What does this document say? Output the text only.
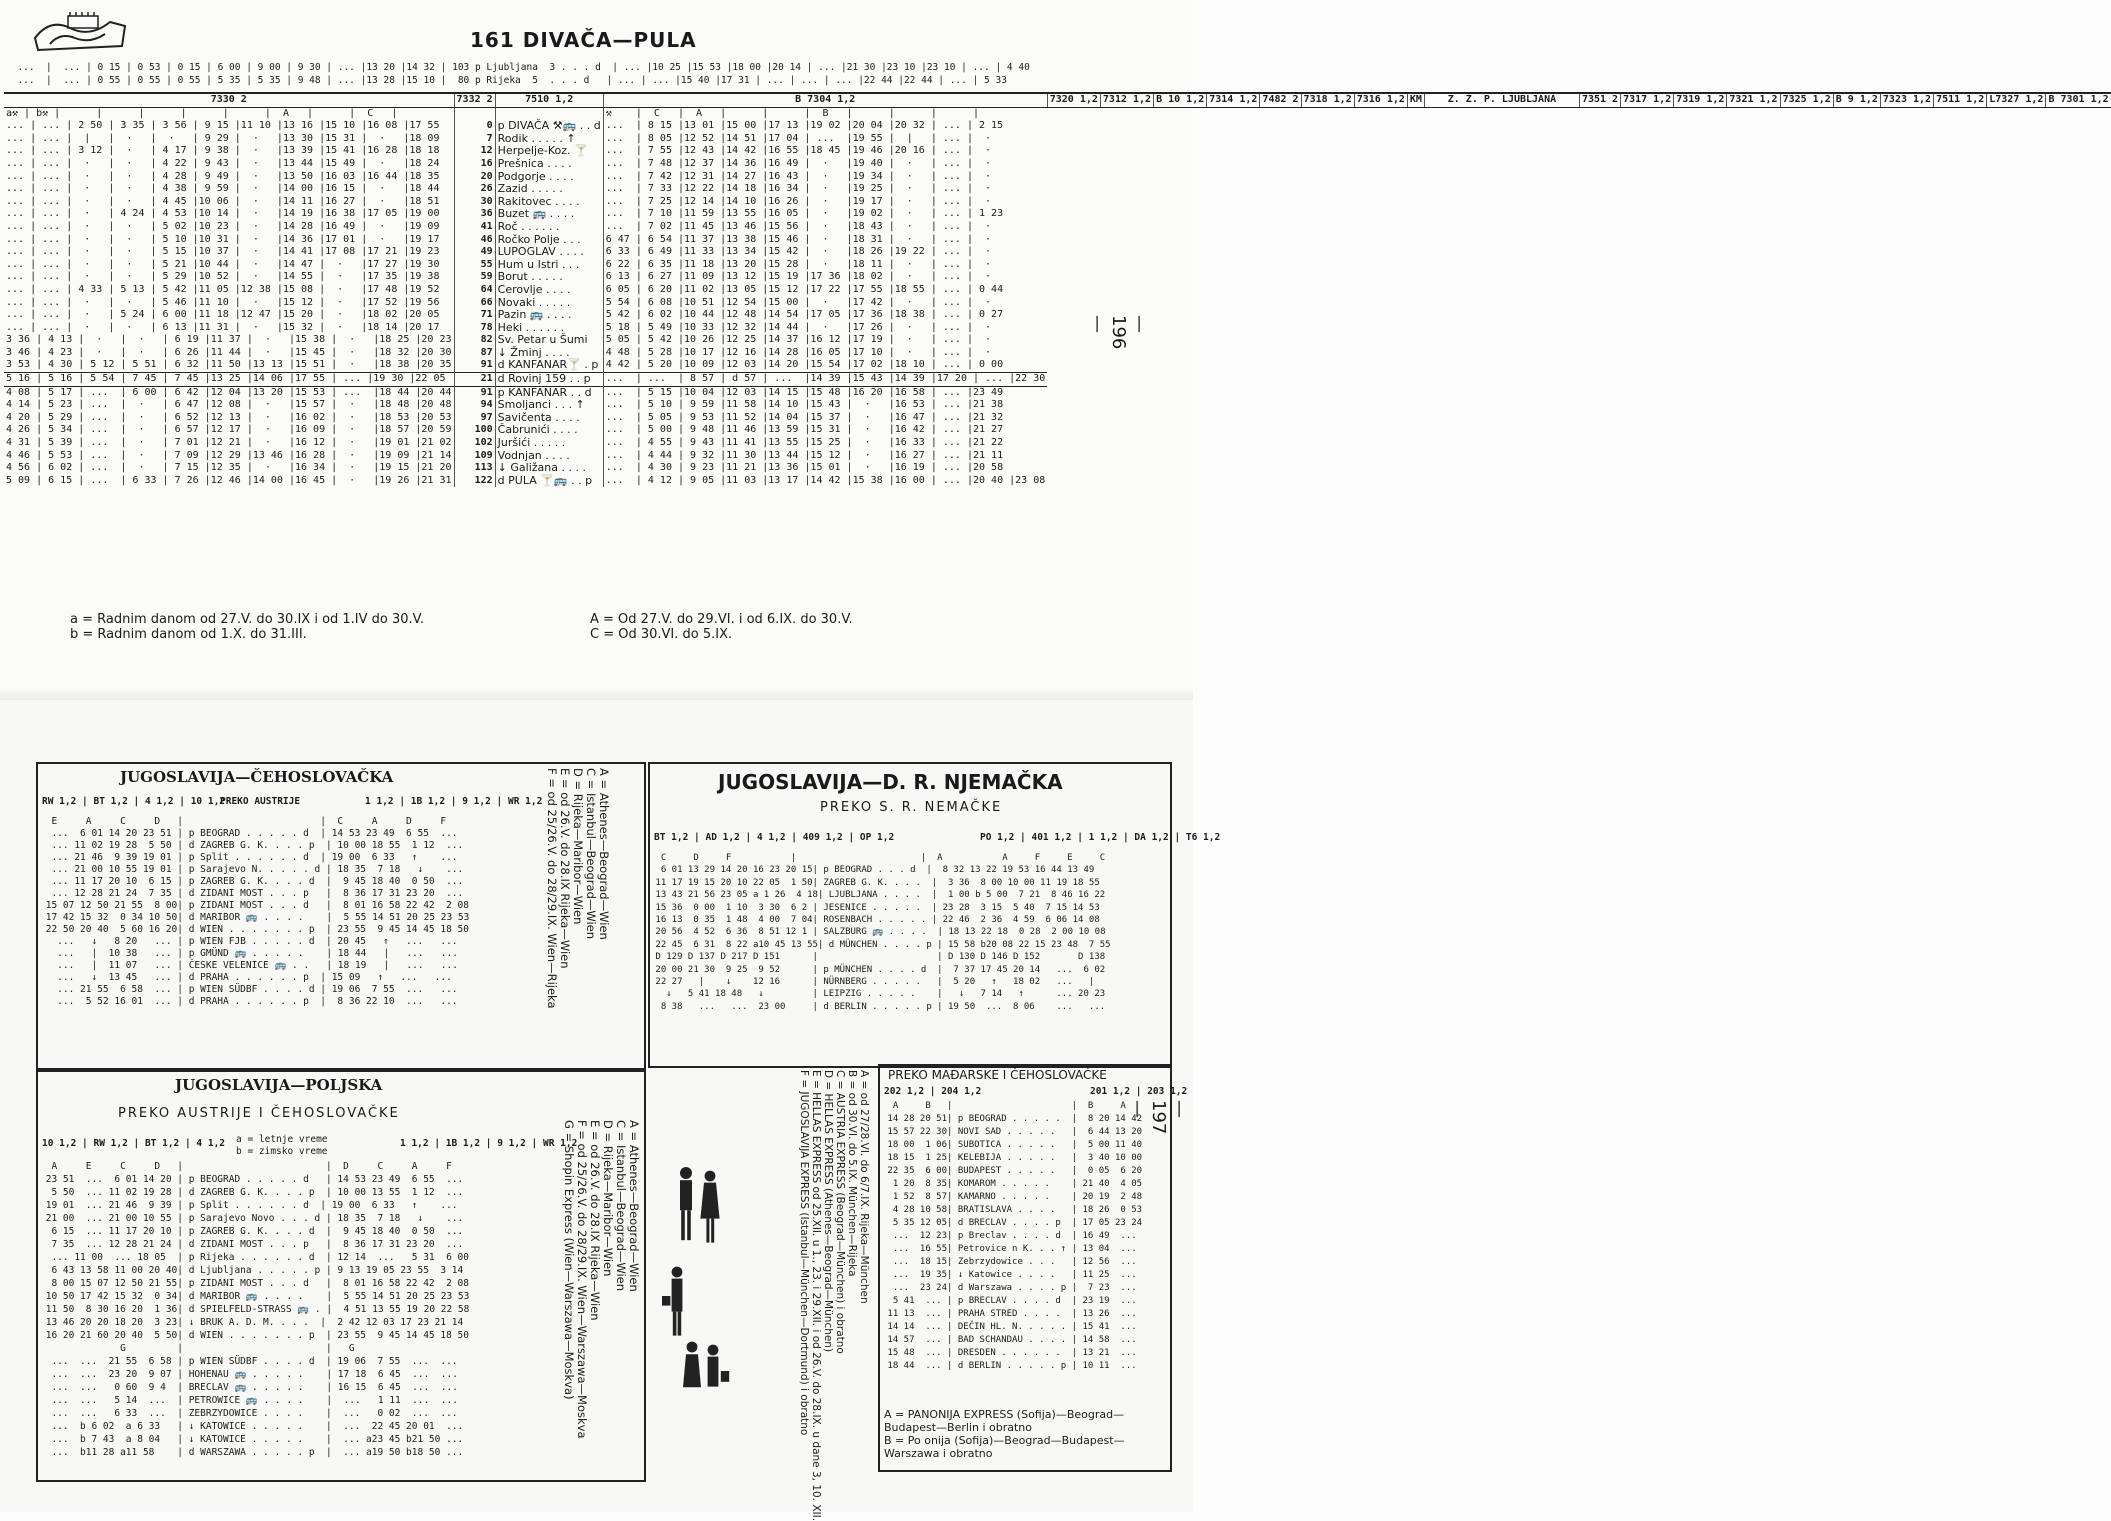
161 DIVAČA—PULA
...  |  ... | 0 15 | 0 53 | 0 15 | 6 00 | 9 00 | 9 30 | ... |13 20 |14 32 | 103 p Ljubljana  3 . . . d  | ... |10 25 |15 53 |18 00 |20 14 | ... |21 30 |23 10 |23 10 | ... | 4 40
...  |  ... | 0 55 | 0 55 | 0 55 | 5 35 | 5 35 | 9 48 | ... |13 28 |15 10 |  80 p Rijeka  5  . . . d   | ... | ... |15 40 |17 31 | ... | ... | ... |22 44 |22 44 | ... | 5 33
7330 2	7332 2	7510 1,2	B 7304 1,2	7320 1,2	7312 1,2	B 10 1,2	7314 1,2	7482 2	7318 1,2	7316 1,2	KM	Z. Ž. P. LJUBLJANA	7351 2	7317 1,2	7319 1,2	7321 1,2	7325 1,2	B 9 1,2	7323 1,2	7511 1,2	L7327 1,2	B 7301 1,2
a⚒ | b⚒ |      |      |      |      |      |  A   |      |  C   |			⚒    |  C   |  A   |      |      |  B   |      |      |      |																			
... | ... | 2 50 | 3 35 | 3 56 | 9 15 |11 10 |13 16 |15 10 |16 08 |17 55	0	p DIVAČA ⚒🚌 . . d	...  | 8 15 |13 01 |15 00 |17 13 |19 02 |20 04 |20 32 | ... | 2 15																			
... | ... |  |   |  ·   |  ·   | 9 29 |  ·   |13 30 |15 31 |  ·   |18 09	7	Rodik . . . . . ↑	...  | 8 05 |12 52 |14 51 |17 04 | ...  |19 55 |  |   | ... |  ·																			
... | ... | 3 12 |  ·   | 4 17 | 9 38 |  ·   |13 39 |15 41 |16 28 |18 18	12	Herpelje-Koz. 🍸	...  | 7 55 |12 43 |14 42 |16 55 |18 45 |19 46 |20 16 | ... |  ·																			
... | ... |  ·   |  ·   | 4 22 | 9 43 |  ·   |13 44 |15 49 |  ·   |18 24	16	Prešnica . . . .	...  | 7 48 |12 37 |14 36 |16 49 |  ·   |19 40 |  ·   | ... |  ·																			
... | ... |  ·   |  ·   | 4 28 | 9 49 |  ·   |13 50 |16 03 |16 44 |18 35	20	Podgorje . . . .	...  | 7 42 |12 31 |14 27 |16 43 |  ·   |19 34 |  ·   | ... |  ·																			
... | ... |  ·   |  ·   | 4 38 | 9 59 |  ·   |14 00 |16 15 |  ·   |18 44	26	Zazid . . . . .	...  | 7 33 |12 22 |14 18 |16 34 |  ·   |19 25 |  ·   | ... |  ·																			
... | ... |  ·   |  ·   | 4 45 |10 06 |  ·   |14 11 |16 27 |  ·   |18 51	30	Rakitovec . . . .	...  | 7 25 |12 14 |14 10 |16 26 |  ·   |19 17 |  ·   | ... |  ·																			
... | ... |  ·   | 4 24 | 4 53 |10 14 |  ·   |14 19 |16 38 |17 05 |19 00	36	Buzet 🚌 . . . .	...  | 7 10 |11 59 |13 55 |16 05 |  ·   |19 02 |  ·   | ... | 1 23																			
... | ... |  ·   |  ·   | 5 02 |10 23 |  ·   |14 28 |16 49 |  ·   |19 09	41	Roč . . . . . .	...  | 7 02 |11 45 |13 46 |15 56 |  ·   |18 43 |  ·   | ... |  ·																			
... | ... |  ·   |  ·   | 5 10 |10 31 |  ·   |14 36 |17 01 |  ·   |19 17	46	Ročko Polje . . .	6 47 | 6 54 |11 37 |13 38 |15 46 |  ·   |18 31 |  ·   | ... |  ·																			
... | ... |  ·   |  ·   | 5 15 |10 37 |  ·   |14 41 |17 08 |17 21 |19 23	49	LUPOGLAV . . . .	6 33 | 6 49 |11 33 |13 34 |15 42 |  ·   |18 26 |19 22 | ... |  ·																			
... | ... |  ·   |  ·   | 5 21 |10 44 |  ·   |14 47 |  ·   |17 27 |19 30	55	Hum u Istri . . .	6 22 | 6 35 |11 18 |13 20 |15 28 |  ·   |18 11 |  ·   | ... |  ·																			
... | ... |  ·   |  ·   | 5 29 |10 52 |  ·   |14 55 |  ·   |17 35 |19 38	59	Borut . . . . .	6 13 | 6 27 |11 09 |13 12 |15 19 |17 36 |18 02 |  ·   | ... |  ·																			
... | ... | 4 33 | 5 13 | 5 42 |11 05 |12 38 |15 08 |  ·   |17 48 |19 52	64	Cerovlje . . . .	6 05 | 6 20 |11 02 |13 05 |15 12 |17 22 |17 55 |18 55 | ... | 0 44																			
... | ... |  ·   |  ·   | 5 46 |11 10 |  ·   |15 12 |  ·   |17 52 |19 56	66	Novaki . . . . .	5 54 | 6 08 |10 51 |12 54 |15 00 |  ·   |17 42 |  ·   | ... |  ·																			
... | ... |  ·   | 5 24 | 6 00 |11 18 |12 47 |15 20 |  ·   |18 02 |20 05	71	Pazin 🚌 . . . .	5 42 | 6 02 |10 44 |12 48 |14 54 |17 05 |17 36 |18 38 | ... | 0 27																			
... | ... |  ·   |  ·   | 6 13 |11 31 |  ·   |15 32 |  ·   |18 14 |20 17	78	Heki . . . . . .	5 18 | 5 49 |10 33 |12 32 |14 44 |  ·   |17 26 |  ·   | ... |  ·																			
3 36 | 4 13 |  ·   |  ·   | 6 19 |11 37 |  ·   |15 38 |  ·   |18 25 |20 23	82	Sv. Petar u Šumi	5 05 | 5 42 |10 26 |12 25 |14 37 |16 12 |17 19 |  ·   | ... |  ·																			
3 46 | 4 23 |  ·   |  ·   | 6 26 |11 44 |  ·   |15 45 |  ·   |18 32 |20 30	87	↓ Žminj . . . .	4 48 | 5 28 |10 17 |12 16 |14 28 |16 05 |17 10 |  ·   | ... |  ·																			
3 53 | 4 30 | 5 12 | 5 51 | 6 32 |11 50 |13 13 |15 51 |  ·   |18 38 |20 35	91	d KANFANAR🍸 . p	4 42 | 5 20 |10 09 |12 03 |14 20 |15 54 |17 02 |18 10 | ... | 0 00																			
5 16 | 5 16 | 5 54 | 7 45 | 7 45 |13 25 |14 06 |17 55 | ... |19 30 |22 05	21	d Rovinj 159 . . p	...  | ...  | 8 57 | d 57 | ...  |14 39 |15 43 |14 39 |17 20 | ... |22 30																			
4 08 | 5 17 | ...  | 6 00 | 6 42 |12 04 |13 20 |15 53 | ...  |18 44 |20 44	91	p KANFANAR . . d	...  | 5 15 |10 04 |12 03 |14 15 |15 48 |16 20 |16 58 | ... |23 49																			
4 14 | 5 23 | ...  |  ·   | 6 47 |12 08 |  ·   |15 57 |  ·   |18 48 |20 48	94	Smoljanci . . . ↑	...  | 5 10 | 9 59 |11 58 |14 10 |15 43 |  ·   |16 53 | ... |21 38																			
4 20 | 5 29 | ...  |  ·   | 6 52 |12 13 |  ·   |16 02 |  ·   |18 53 |20 53	97	Savičenta . . . .	...  | 5 05 | 9 53 |11 52 |14 04 |15 37 |  ·   |16 47 | ... |21 32																			
4 26 | 5 34 | ...  |  ·   | 6 57 |12 17 |  ·   |16 09 |  ·   |18 57 |20 59	100	Čabrunići . . . .	...  | 5 00 | 9 48 |11 46 |13 59 |15 31 |  ·   |16 42 | ... |21 27																			
4 31 | 5 39 | ...  |  ·   | 7 01 |12 21 |  ·   |16 12 |  ·   |19 01 |21 02	102	Juršići . . . . .	...  | 4 55 | 9 43 |11 41 |13 55 |15 25 |  ·   |16 33 | ... |21 22																			
4 46 | 5 53 | ...  |  ·   | 7 09 |12 29 |13 46 |16 28 |  ·   |19 09 |21 14	109	Vodnjan . . . .	...  | 4 44 | 9 32 |11 30 |13 44 |15 12 |  ·   |16 27 | ... |21 11																			
4 56 | 6 02 | ...  |  ·   | 7 15 |12 35 |  ·   |16 34 |  ·   |19 15 |21 20	113	↓ Galižana . . . .	...  | 4 30 | 9 23 |11 21 |13 36 |15 01 |  ·   |16 19 | ... |20 58																			
5 09 | 6 15 | ...  | 6 33 | 7 26 |12 46 |14 00 |16 45 |  ·   |19 26 |21 31	122	d PULA 🍸🚌 . . p	...  | 4 12 | 9 05 |11 03 |13 17 |14 42 |15 38 |16 00 | ... |20 40 |23 08																			
—196—
a = Radnim danom od 27.V. do 30.IX i od 1.IV do 30.V.
b = Radnim danom od 1.X. do 31.III.
A = Od 27.V. do 29.VI. i od 6.IX. do 30.V.
C = Od 30.VI. do 5.IX.
JUGOSLAVIJA—ČEHOSLOVAČKA
RW 1,2 | BT 1,2 | 4 1,2 | 10 1,2
PREKO AUSTRIJE	1 1,2 | 1B 1,2 | 9 1,2 | WR 1,2
E     A     C     D   |                        |  C     A     D     F
...  6 01 14 20 23 51 | p BEOGRAD . . . . . d  | 14 53 23 49  6 55  ...
... 11 02 19 28  5 50 | d ZAGREB G. K. . . . p  | 10 00 18 55  1 12  ...
... 21 46  9 39 19 01 | p Split . . . . . . d  | 19 00  6 33   ↑    ...
... 21 00 10 55 19 01 | p Sarajevo N. . . . . d | 18 35  7 18   ↓    ...
... 11 17 20 10  6 15 | p ZAGREB G. K. . . . d  |  9 45 18 40  0 50  ...
... 12 28 21 24  7 35 | d ZIDANI MOST . . . p   |  8 36 17 31 23 20  ...
15 07 12 50 21 55  8 00| p ZIDANI MOST . . . d   |  8 01 16 58 22 42  2 08
17 42 15 32  0 34 10 50| d MARIBOR 🚌 . . . .    |  5 55 14 51 20 25 23 53
22 50 20 40  5 60 16 20| d WIEN . . . . . . . p  | 23 55  9 45 14 45 18 50
...   ↓   8 20   ... | p WIEN FJB . . . . . d  | 20 45   ↑   ...   ...
...   |  10 38   ... | p GMÜND 🚌 . . . . .    | 18 44   |   ...   ...
...   |  11 07   ... | ČESKE VELENICE 🚌 . .   | 18 19   |   ...   ...
...   ↓  13 45   ... | d PRAHA . . . . . . p  | 15 09   ↑   ...   ...
... 21 55  6 58  ... | p WIEN SÜDBF . . . . d | 19 06  7 55  ...   ...
...  5 52 16 01  ... | d PRAHA . . . . . . p  |  8 36 22 10  ...   ...
A = Athenes—Beograd—Wien
C = Istanbul—Beograd—Wien
D = Rijeka—Maribor—Wien
E = od 26.V. do 28.IX Rijeka—Wien
F = od 25/26.V. do 28/29.IX. Wien—Rijeka
JUGOSLAVIJA—POLJSKA
PREKO AUSTRIJE I ČEHOSLOVAČKE
10 1,2 | RW 1,2 | BT 1,2 | 4 1,2 a = letnje vreme
b = zimsko vreme
1 1,2 | 1B 1,2 | 9 1,2 | WR 1,2
A     E     C     D   |                         |  D     C     A     F
23 51  ...  6 01 14 20 | p BEOGRAD . . . . . d   | 14 53 23 49  6 55  ...
5 50  ... 11 02 19 28 | d ZAGREB G. K. . . . p  | 10 00 13 55  1 12  ...
19 01  ... 21 46  9 39 | p Split . . . . . . d  | 19 00  6 33   ↑    ...
21 00  ... 21 00 10 55 | p Sarajevo Novo . . . d | 18 35  7 18   ↓    ...
6 15  ... 11 17 20 10 | p ZAGREB G. K. . . . d  |  9 45 18 40  0 50  ...
7 35  ... 12 28 21 24 | d ZIDANI MOST . . . p   |  8 36 17 31 23 20  ...
... 11 00  ... 18 05  | p Rijeka . . . . . . d  | 12 14  ...   5 31  6 00
6 43 13 58 11 00 20 40| d Ljubljana . . . . . p | 9 13 19 05 23 55  3 14
8 00 15 07 12 50 21 55| p ZIDANI MOST . . . d   |  8 01 16 58 22 42  2 08
10 50 17 42 15 32  0 34| d MARIBOR 🚌 . . . .    |  5 55 14 51 20 25 23 53
11 50  8 30 16 20  1 36| d SPIELFELD-STRASS 🚌 . |  4 51 13 55 19 20 22 58
13 46 20 20 18 20  3 23| ↓ BRUK A. D. M. . . .  |  2 42 12 03 17 23 21 14
16 20 21 60 20 40  5 50| d WIEN . . . . . . . p  | 23 55  9 45 14 45 18 50
G         |                         |   G
...  ...  21 55  6 58 | p WIEN SÜDBF . . . . d  | 19 06  7 55  ...  ...
...  ...  23 20  9 07 | HOHENAU 🚌 . . . . .    | 17 18  6 45  ...  ...
...  ...   0 60  9 4  | BRECLAV 🚌 . . . . .    | 16 15  6 45  ...  ...
...  ...   5 14  ...  | PETROWICE 🚌 . . . .    |  ...   1 11  ...  ...
...  ...   6 33  ...  | ZEBRZYDOWICE . . . .    |  ...   0 02  ...  ...
...  b 6 02  a 6 33   | ↓ KATOWICE . . . . .    |  ...  22 45 20 01  ...
...  b 7 43  a 8 04   | ↓ KATOWICE . . . . .    |  ... a23 45 b21 50 ...
...  b11 28 a11 58    | d WARSZAWA . . . . . p  |  ... a19 50 b18 50 ...
A = Athenes—Beograd—Wien
C = Istanbul—Beograd—Wien
D = Rijeka—Maribor—Wien
E = od 26.V. do 28.IX Rijeka—Wien
F = od 25/26.V. do 28/29.IX. Wien—Warszawa—Moskva
G = Shopin Express (Wien—Warszawa—Moskva)
JUGOSLAVIJA—D. R. NJEMAČKA
PREKO S. R. NEMAČKE
BT 1,2 | AD 1,2 | 4 1,2 | 409 1,2 | OP 1,2	PO 1,2 | 401 1,2 | 1 1,2 | DA 1,2 | T6 1,2
C     D     F           |                       |  A           A     F     E     C
6 01 13 29 14 20 16 23 20 15| p BEOGRAD . . . d  |  8 32 13 22 19 53 16 44 13 49
11 17 19 15 20 10 22 05  1 50| ZAGREB G. K. . . .  |  3 36  8 00 10 00 11 19 18 55
13 43 21 56 23 05 a 1 26  4 18| LJUBLJANA . . . .  |  1 00 b 5 00  7 21  8 46 16 22
15 36  0 00  1 10  3 30  6 2 | JESENICE . . . . .  | 23 28  3 15  5 40  7 15 14 53
16 13  0 35  1 48  4 00  7 04| ROSENBACH . . . . . | 22 46  2 36  4 59  6 06 14 08
20 56  4 52  6 36  8 51 12 1 | SALZBURG 🚌 . . . .  | 18 13 22 18  0 28  2 00 10 08
22 45  6 31  8 22 a10 45 13 55| d MÜNCHEN . . . . p | 15 58 b20 08 22 15 23 48  7 55
D 129 D 137 D 217 D 151      |                      | D 130 D 146 D 152       D 138
20 00 21 30  9 25  9 52      | p MÜNCHEN . . . . d  |  7 37 17 45 20 14   ...  6 02
22 27   |    ↓    12 16      | NÜRNBERG . . . . .   |  5 20   ↑   18 02   ...   |
↓   5 41 18 48   ↓         | LEIPZIG . . . . .    |   ↓   7 14   ↑      ... 20 23
8 38   ...   ...  23 00     | d BERLIN . . . . . p | 19 50  ...  8 06    ...   ...
PREKO MAĐARSKE I ČEHOSLOVAČKE
202 1,2 | 204 1,2	201 1,2 | 203 1,2
A     B   |                      |  B     A
14 28 20 51| p BEOGRAD . . . . .  |  8 20 14 42
15 57 22 30| NOVI SAD . . . . .   |  6 44 13 20
18 00  1 06| SUBOTICA . . . . .   |  5 00 11 40
18 15  1 25| KELEBIJA . . . . .   |  3 40 10 00
22 35  6 00| BUDAPEST . . . . .   |  0 05  6 20
1 20  8 35| KOMAROM . . . . .    | 21 40  4 05
1 52  8 57| KAMARNO . . . . .    | 20 19  2 48
4 28 10 58| BRATISLAVA . . . .   | 18 26  0 53
5 35 12 05| d BRECLAV . . . . p  | 17 05 23 24
...  12 23| p Breclav . . . . d  | 16 49  ...
...  16 55| Petrovice n K. . . ↑ | 13 04  ...
...  18 15| Zebrzydowice . . .   | 12 56  ...
...  19 35| ↓ Katowice . . . .   | 11 25  ...
...  23 24| d Warszawa . . . . p |  7 23  ...
5 41  ... | p BRECLAV . . . . d  | 23 19  ...
11 13  ... | PRAHA STRED . . . .  | 13 26  ...
14 14  ... | DEČIN HL. N. . . . . | 15 41  ...
14 57  ... | BAD SCHANDAU . . . . | 14 58  ...
15 48  ... | DRESDEN . . . . . .  | 13 21  ...
18 44  ... | d BERLIN . . . . . p | 10 11  ...
A = PANONIJA EXPRESS (Sofija)—Beograd—Budapest—Berlin i obratno
B = Po onija (Sofija)—Beograd—Budapest—Warszawa i obratno
A = od 27/28.VI. do 6/7.IX. Rijeka—München
B = od 30.VI. do 5.IX. München—Rijeka
C = AUSTRIA EXPRESS (Beograd—München) i obratno
D = HELLAS EXPRESS (Athenes—Beograd—München)
E = HELLAS EXPRESS od 25.XII. u 1., 23. i 29.XII. i od 26.V. do 28.IX. u dane 3, 10. XII.
F = JUGOSLAVIJA EXPRESS (Istanbul—München—Dortmund) i obratno
—197—
